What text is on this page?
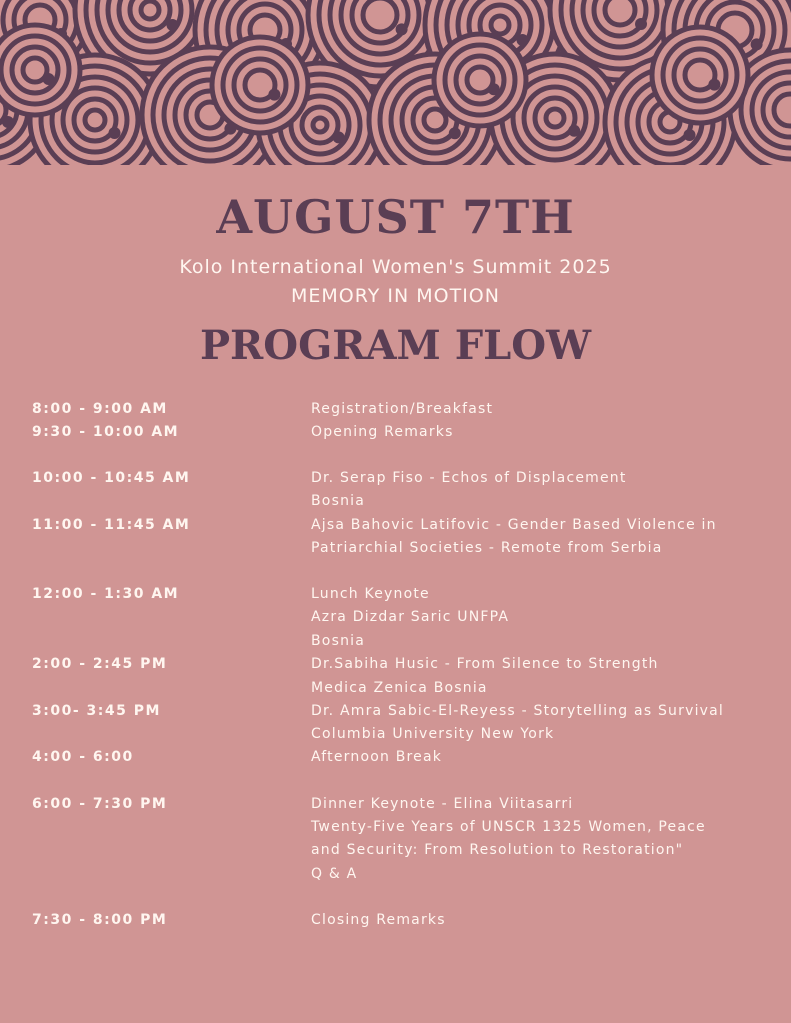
AUGUST 7TH
Kolo International Women's Summit 2025
MEMORY IN MOTION
PROGRAM FLOW
8:00 - 9:00 AM	Registration/Breakfast
9:30 - 10:00 AM	Opening Remarks
10:00 - 10:45 AM	Dr. Serap Fiso - Echos of Displacement
Bosnia
11:00 - 11:45 AM	Ajsa Bahovic Latifovic - Gender Based Violence in
Patriarchial Societies - Remote from Serbia
12:00 - 1:30 AM	Lunch Keynote
Azra Dizdar Saric UNFPA
Bosnia
2:00 - 2:45 PM	Dr.Sabiha Husic - From Silence to Strength
Medica Zenica Bosnia
3:00- 3:45 PM	Dr. Amra Sabic-El-Reyess - Storytelling as Survival
Columbia University New York
4:00 - 6:00	Afternoon Break
6:00 - 7:30 PM	Dinner Keynote - Elina Viitasarri
Twenty-Five Years of UNSCR 1325 Women, Peace
and Security: From Resolution to Restoration"
Q & A
7:30 - 8:00 PM	Closing Remarks
